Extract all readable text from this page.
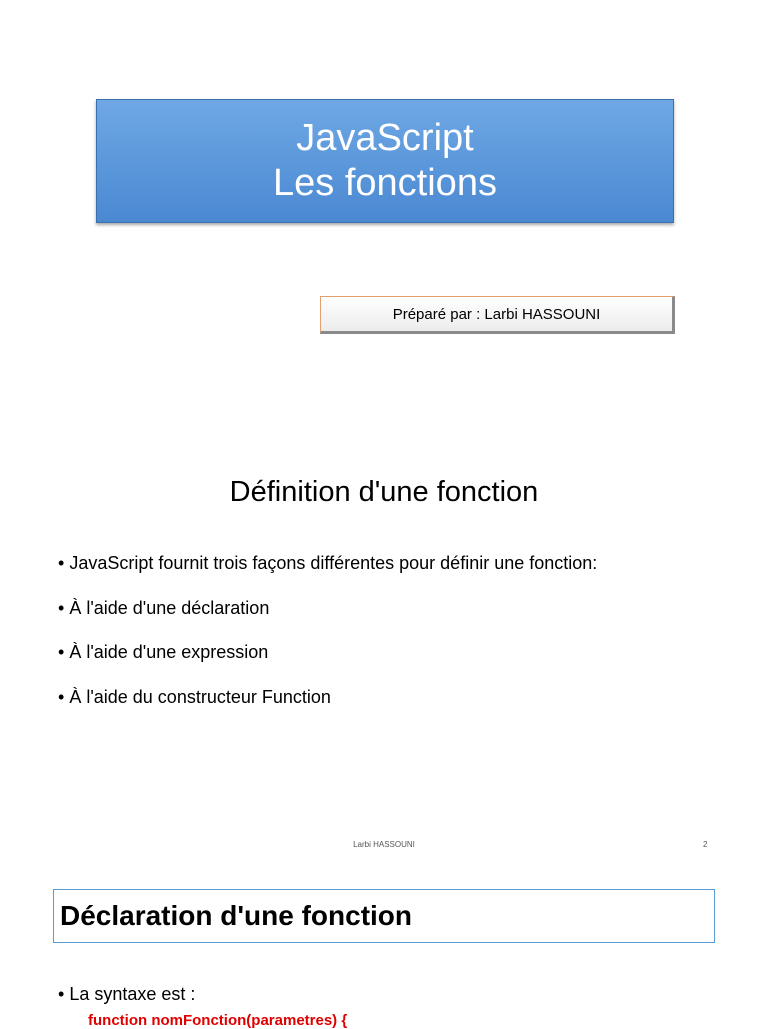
JavaScript
Les fonctions
Préparé par : Larbi HASSOUNI
Définition d'une fonction
• JavaScript fournit trois façons différentes pour définir une fonction:
• À l'aide d'une déclaration
• À l'aide d'une expression
• À l'aide du constructeur Function
Larbi HASSOUNI	2
Déclaration d'une fonction
• La syntaxe est :
function nomFonction(parametres) {
